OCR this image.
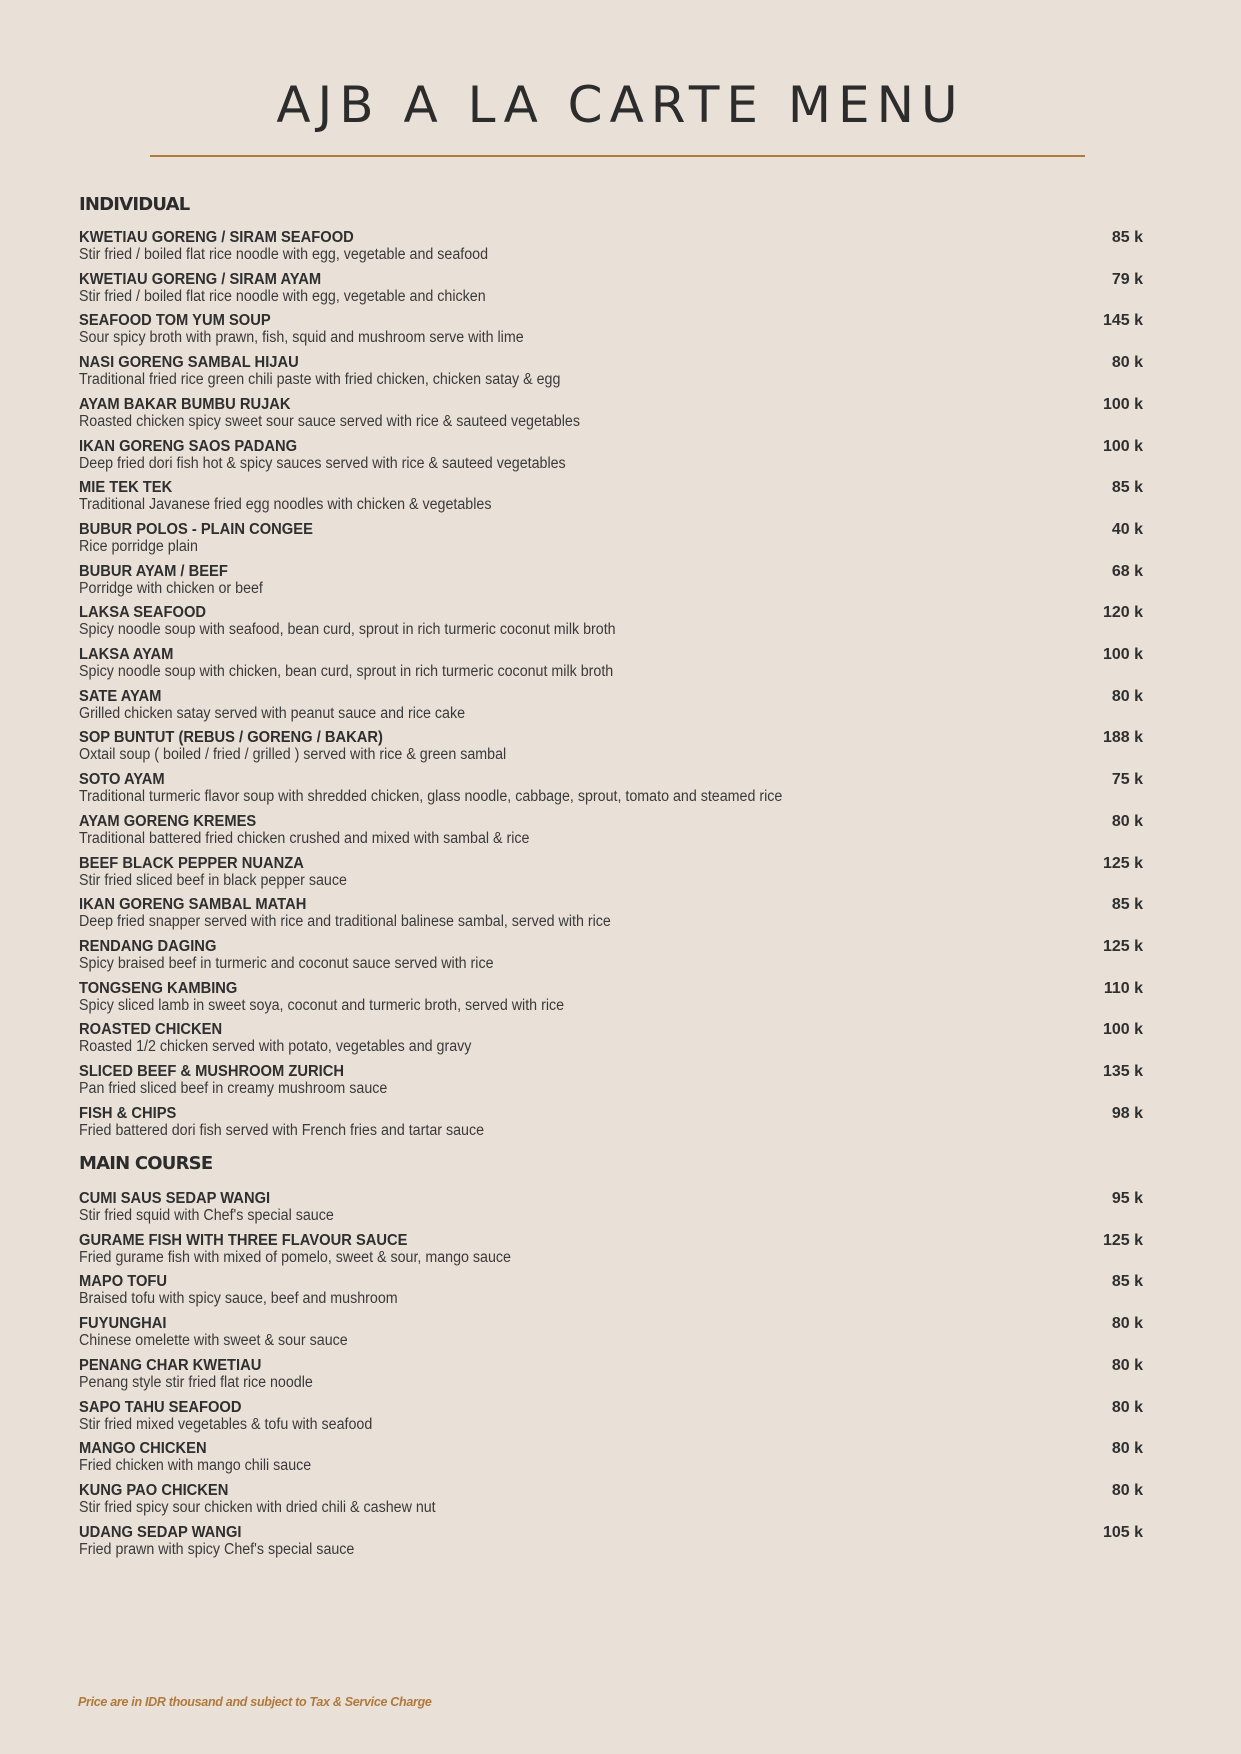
AJB A LA CARTE MENU
INDIVIDUAL
KWETIAU GORENG / SIRAM SEAFOOD
Stir fried / boiled flat rice noodle with egg, vegetable and seafood
85 k
KWETIAU GORENG / SIRAM AYAM
Stir fried / boiled flat rice noodle with egg, vegetable and chicken
79 k
SEAFOOD TOM YUM SOUP
Sour spicy broth with prawn, fish, squid and mushroom serve with lime
145 k
NASI GORENG SAMBAL HIJAU
Traditional fried rice green chili paste with fried chicken, chicken satay & egg
80 k
AYAM BAKAR BUMBU RUJAK
Roasted chicken spicy sweet sour sauce served with rice & sauteed vegetables
100 k
IKAN GORENG SAOS PADANG
Deep fried dori fish hot & spicy sauces served with rice & sauteed vegetables
100 k
MIE TEK TEK
Traditional Javanese fried egg noodles with chicken & vegetables
85 k
BUBUR POLOS - PLAIN CONGEE
Rice porridge plain
40 k
BUBUR AYAM / BEEF
Porridge with chicken or beef
68 k
LAKSA SEAFOOD
Spicy noodle soup with seafood, bean curd, sprout in rich turmeric coconut milk broth
120 k
LAKSA AYAM
Spicy noodle soup with chicken, bean curd, sprout in rich turmeric coconut milk broth
100 k
SATE AYAM
Grilled chicken satay served with peanut sauce and rice cake
80 k
SOP BUNTUT (REBUS / GORENG / BAKAR)
Oxtail soup ( boiled / fried / grilled ) served with rice & green sambal
188 k
SOTO AYAM
Traditional turmeric flavor soup with shredded chicken, glass noodle, cabbage, sprout, tomato and steamed rice
75 k
AYAM GORENG KREMES
Traditional battered fried chicken crushed and mixed with sambal & rice
80 k
BEEF BLACK PEPPER NUANZA
Stir fried sliced beef in black pepper sauce
125 k
IKAN GORENG SAMBAL MATAH
Deep fried snapper served with rice and traditional balinese sambal, served with rice
85 k
RENDANG DAGING
Spicy braised beef in turmeric and coconut sauce served with rice
125 k
TONGSENG KAMBING
Spicy sliced lamb in sweet soya, coconut and turmeric broth, served with rice
110 k
ROASTED CHICKEN
Roasted 1/2 chicken served with potato, vegetables and gravy
100 k
SLICED BEEF & MUSHROOM ZURICH
Pan fried sliced beef in creamy mushroom sauce
135 k
FISH & CHIPS
Fried battered dori fish served with French fries and tartar sauce
98 k
MAIN COURSE
CUMI SAUS SEDAP WANGI
Stir fried squid with Chef's special sauce
95 k
GURAME FISH WITH THREE FLAVOUR SAUCE
Fried gurame fish with mixed of pomelo, sweet & sour, mango sauce
125 k
MAPO TOFU
Braised tofu with spicy sauce, beef and mushroom
85 k
FUYUNGHAI
Chinese omelette with sweet & sour sauce
80 k
PENANG CHAR KWETIAU
Penang style stir fried flat rice noodle
80 k
SAPO TAHU SEAFOOD
Stir fried mixed vegetables & tofu with seafood
80 k
MANGO CHICKEN
Fried chicken with mango chili sauce
80 k
KUNG PAO CHICKEN
Stir fried spicy sour chicken with dried chili & cashew nut
80 k
UDANG SEDAP WANGI
Fried prawn with spicy Chef's special sauce
105 k
Price are in IDR thousand and subject to Tax & Service Charge
